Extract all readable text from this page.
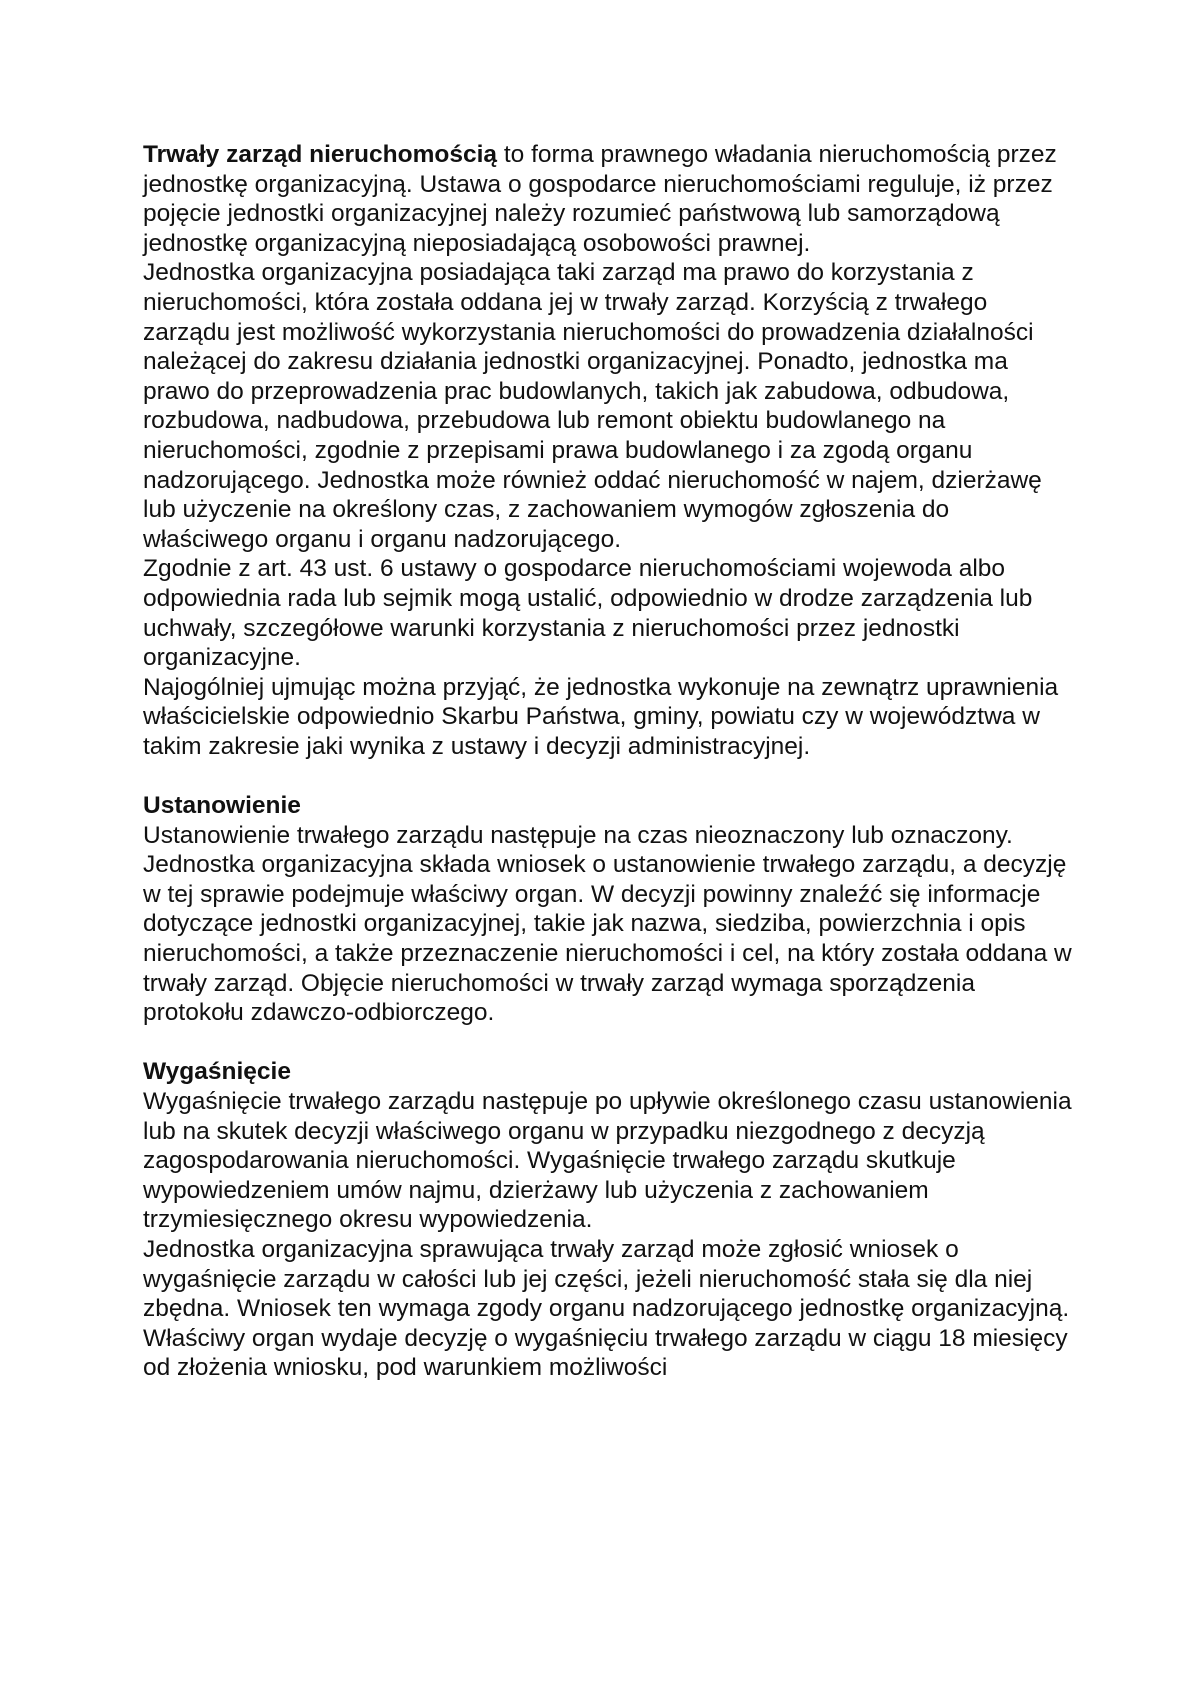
Trwały zarząd nieruchomością to forma prawnego władania nieruchomością przez jednostkę organizacyjną. Ustawa o gospodarce nieruchomościami reguluje, iż przez pojęcie jednostki organizacyjnej należy rozumieć państwową lub samorządową jednostkę organizacyjną nieposiadającą osobowości prawnej.

Jednostka organizacyjna posiadająca taki zarząd ma prawo do korzystania z nieruchomości, która została oddana jej w trwały zarząd. Korzyścią z trwałego zarządu jest możliwość wykorzystania nieruchomości do prowadzenia działalności należącej do zakresu działania jednostki organizacyjnej. Ponadto, jednostka ma prawo do przeprowadzenia prac budowlanych, takich jak zabudowa, odbudowa, rozbudowa, nadbudowa, przebudowa lub remont obiektu budowlanego na nieruchomości, zgodnie z przepisami prawa budowlanego i za zgodą organu nadzorującego. Jednostka może również oddać nieruchomość w najem, dzierżawę lub użyczenie na określony czas, z zachowaniem wymogów zgłoszenia do właściwego organu i organu nadzorującego.

Zgodnie z art. 43 ust. 6 ustawy o gospodarce nieruchomościami wojewoda albo odpowiednia rada lub sejmik mogą ustalić, odpowiednio w drodze zarządzenia lub uchwały, szczegółowe warunki korzystania z nieruchomości przez jednostki organizacyjne.

Najogólniej ujmując można przyjąć, że jednostka wykonuje na zewnątrz uprawnienia właścicielskie odpowiednio Skarbu Państwa, gminy, powiatu czy w województwa w takim zakresie jaki wynika z ustawy i decyzji administracyjnej.

Ustanowienie

Ustanowienie trwałego zarządu następuje na czas nieoznaczony lub oznaczony. Jednostka organizacyjna składa wniosek o ustanowienie trwałego zarządu, a decyzję w tej sprawie podejmuje właściwy organ. W decyzji powinny znaleźć się informacje dotyczące jednostki organizacyjnej, takie jak nazwa, siedziba, powierzchnia i opis nieruchomości, a także przeznaczenie nieruchomości i cel, na który została oddana w trwały zarząd. Objęcie nieruchomości w trwały zarząd wymaga sporządzenia protokołu zdawczo-odbiorczego.

Wygaśnięcie

Wygaśnięcie trwałego zarządu następuje po upływie określonego czasu ustanowienia lub na skutek decyzji właściwego organu w przypadku niezgodnego z decyzją zagospodarowania nieruchomości. Wygaśnięcie trwałego zarządu skutkuje wypowiedzeniem umów najmu, dzierżawy lub użyczenia z zachowaniem trzymiesięcznego okresu wypowiedzenia.

Jednostka organizacyjna sprawująca trwały zarząd może zgłosić wniosek o wygaśnięcie zarządu w całości lub jej części, jeżeli nieruchomość stała się dla niej zbędna. Wniosek ten wymaga zgody organu nadzorującego jednostkę organizacyjną. Właściwy organ wydaje decyzję o wygaśnięciu trwałego zarządu w ciągu 18 miesięcy od złożenia wniosku, pod warunkiem możliwości
